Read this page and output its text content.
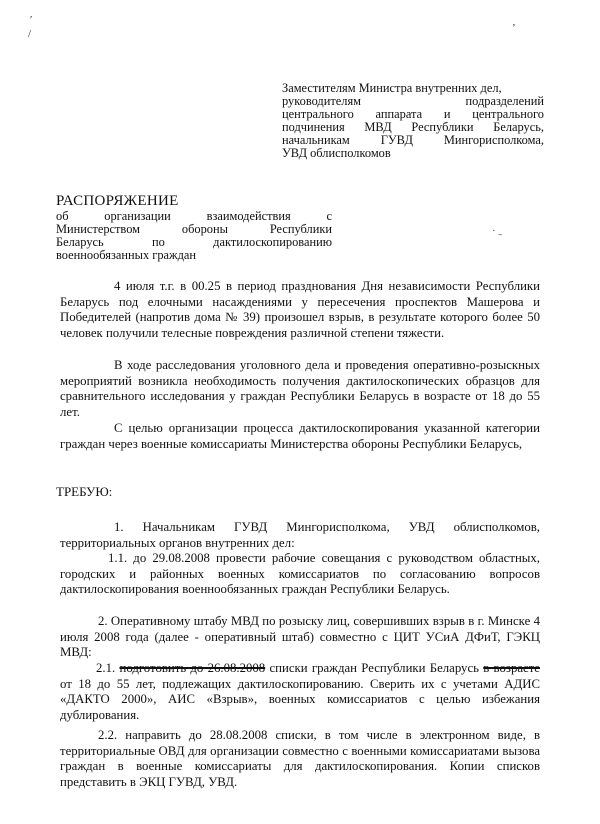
ʹ
/	ʼ
˙ ˗
Заместителям Министра внутренних дел,
руководителям подразделений
центрального аппарата и центрального
подчинения МВД Республики Беларусь,
начальникам ГУВД Мингорисполкома,
УВД облисполкомов
РАСПОРЯЖЕНИЕ
об организации взаимодействия с
Министерством обороны Республики
Беларусь по дактилоскопированию
военнообязанных граждан
4 июля т.г. в 00.25 в период празднования Дня независимости Республики Беларусь под елочными насаждениями у пересечения проспектов Машерова и Победителей (напротив дома № 39) произошел взрыв, в результате которого более 50 человек получили телесные повреждения различной степени тяжести.
В ходе расследования уголовного дела и проведения оперативно-розыскных мероприятий возникла необходимость получения дактилоскопических образцов для сравнительного исследования у граждан Республики Беларусь в возрасте от 18 до 55 лет.
С целью организации процесса дактилоскопирования указанной категории граждан через военные комиссариаты Министерства обороны Республики Беларусь,
ТРЕБУЮ:
1. Начальникам ГУВД Мингорисполкома, УВД облисполкомов, территориальных органов внутренних дел:
1.1. до 29.08.2008 провести рабочие совещания с руководством областных, городских и районных военных комиссариатов по согласованию вопросов дактилоскопирования военнообязанных граждан Республики Беларусь.
2. Оперативному штабу МВД по розыску лиц, совершивших взрыв в г. Минске 4 июля 2008 года (далее - оперативный штаб) совместно с ЦИТ УСиА ДФиТ, ГЭКЦ МВД:
2.1. подготовить до 26.08.2008 списки граждан Республики Беларусь в возрасте от 18 до 55 лет, подлежащих дактилоскопированию. Сверить их с учетами АДИС «ДАКТО 2000», АИС «Взрыв», военных комиссариатов с целью избежания дублирования.
2.2. направить до 28.08.2008 списки, в том числе в электронном виде, в территориальные ОВД для организации совместно с военными комиссариатами вызова граждан в военные комиссариаты для дактилоскопирования. Копии списков представить в ЭКЦ ГУВД, УВД.
